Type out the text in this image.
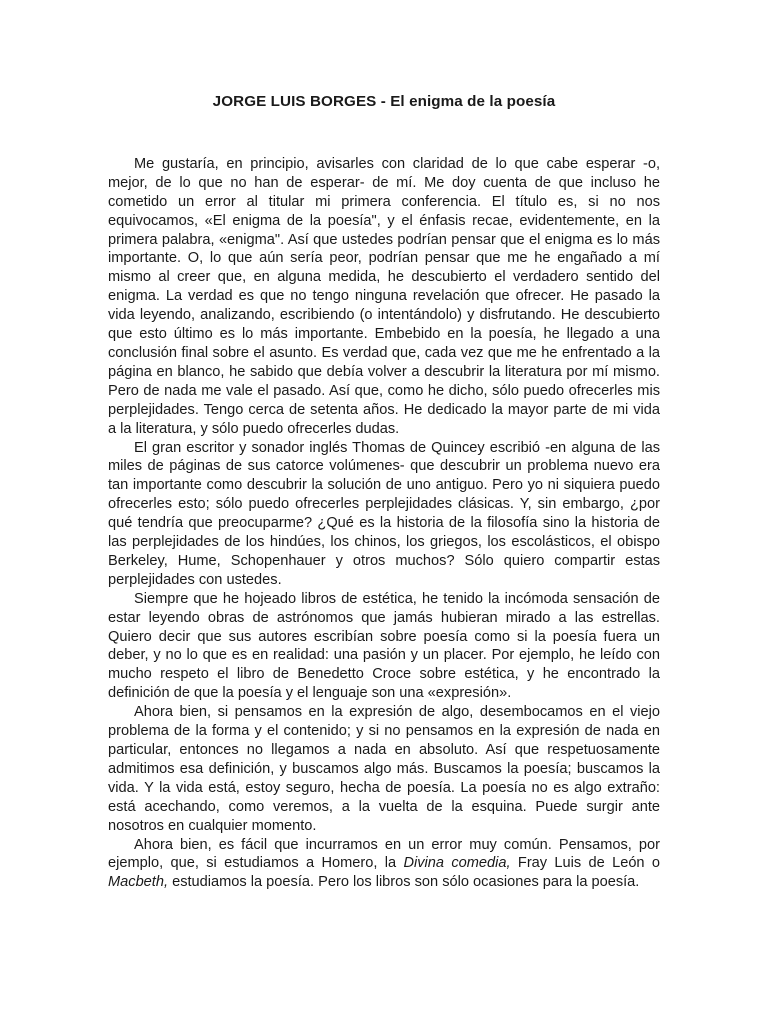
JORGE LUIS BORGES - El enigma de la poesía

Me gustaría, en principio, avisarles con claridad de lo que cabe esperar -o, mejor, de lo que no han de esperar- de mí. Me doy cuenta de que incluso he cometido un error al titular mi primera conferencia. El título es, si no nos equivocamos, «El enigma de la poesía", y el énfasis recae, evidentemente, en la primera palabra, «enigma". Así que ustedes podrían pensar que el enigma es lo más importante. O, lo que aún sería peor, podrían pensar que me he engañado a mí mismo al creer que, en alguna medida, he descubierto el verdadero sentido del enigma. La verdad es que no tengo ninguna revelación que ofrecer. He pasado la vida leyendo, analizando, escribiendo (o intentándolo) y disfrutando. He descubierto que esto último es lo más importante. Embebido en la poesía, he llegado a una conclusión final sobre el asunto. Es verdad que, cada vez que me he enfrentado a la página en blanco, he sabido que debía volver a descubrir la literatura por mí mismo. Pero de nada me vale el pasado. Así que, como he dicho, sólo puedo ofrecerles mis perplejidades. Tengo cerca de setenta años. He dedicado la mayor parte de mi vida a la literatura, y sólo puedo ofrecerles dudas.

El gran escritor y sonador inglés Thomas de Quincey escribió -en alguna de las miles de páginas de sus catorce volúmenes- que descubrir un problema nuevo era tan importante como descubrir la solución de uno antiguo. Pero yo ni siquiera puedo ofrecerles esto; sólo puedo ofrecerles perplejidades clásicas. Y, sin embargo, ¿por qué tendría que preocuparme? ¿Qué es la historia de la filosofía sino la historia de las perplejidades de los hindúes, los chinos, los griegos, los escolásticos, el obispo Berkeley, Hume, Schopenhauer y otros muchos? Sólo quiero compartir estas perplejidades con ustedes.

Siempre que he hojeado libros de estética, he tenido la incómoda sensación de estar leyendo obras de astrónomos que jamás hubieran mirado a las estrellas. Quiero decir que sus autores escribían sobre poesía como si la poesía fuera un deber, y no lo que es en realidad: una pasión y un placer. Por ejemplo, he leído con mucho respeto el libro de Benedetto Croce sobre estética, y he encontrado la definición de que la poesía y el lenguaje son una «expresión».

Ahora bien, si pensamos en la expresión de algo, desembocamos en el viejo problema de la forma y el contenido; y si no pensamos en la expresión de nada en particular, entonces no llegamos a nada en absoluto. Así que respetuosamente admitimos esa definición, y buscamos algo más. Buscamos la poesía; buscamos la vida. Y la vida está, estoy seguro, hecha de poesía. La poesía no es algo extraño: está acechando, como veremos, a la vuelta de la esquina. Puede surgir ante nosotros en cualquier momento.

Ahora bien, es fácil que incurramos en un error muy común. Pensamos, por ejemplo, que, si estudiamos a Homero, la Divina comedia, Fray Luis de León o Macbeth, estudiamos la poesía. Pero los libros son sólo ocasiones para la poesía.
